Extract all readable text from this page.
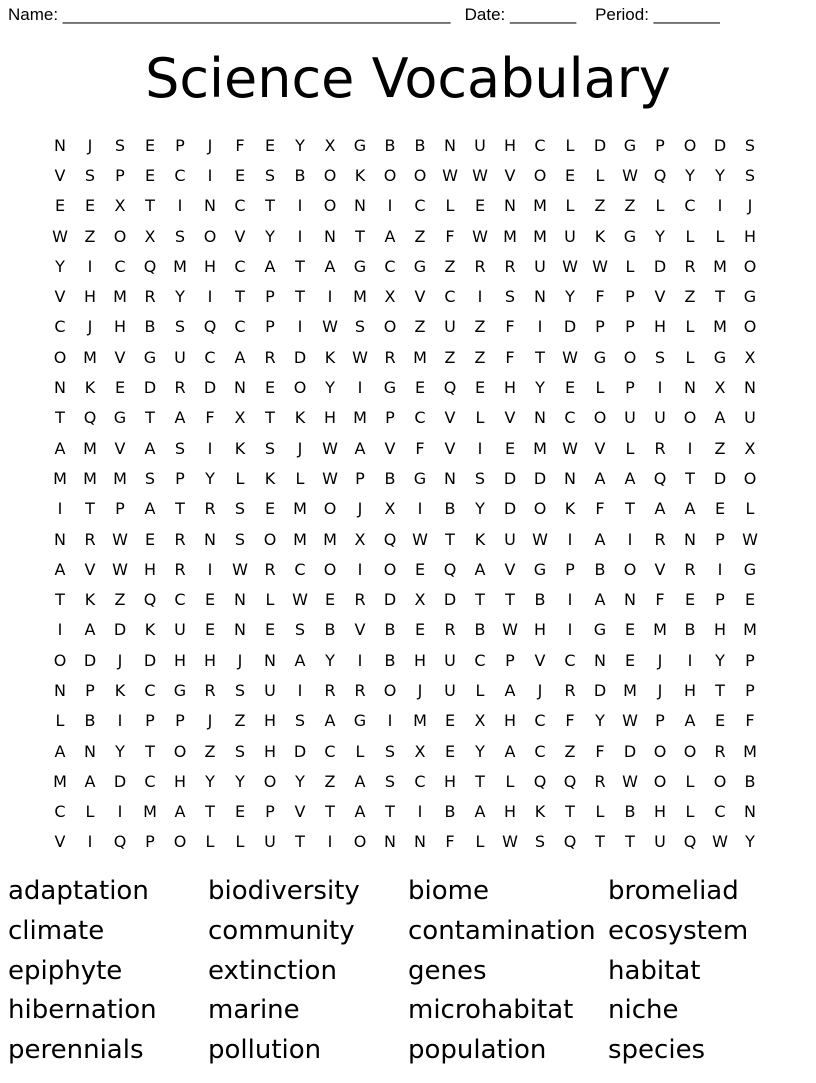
Name: _________________________________________ Date: _______ Period: _______
Science Vocabulary
N	J	S	E	P	J	F	E	Y	X	G	B	B	N	U	H	C	L	D	G	P	O	D	S
V	S	P	E	C	I	E	S	B	O	K	O	O W W	V	O	E	L	W Q	Y	Y	S
E	E	X	T	I	N	C	T	I	O	N	I	C	L	E	N	M	L	Z	Z	L	C	I	J
W	Z	O	X	S	O	V	Y	I	N	T	A	Z	F	W M	M	U	K	G	Y	L	L	H
Y	I	C	Q	M	H	C	A	T	A	G	C	G	Z	R	R	U	W W	L	D	R	M	O
V	H	M	R	Y	I	T	P	T	I	M	X	V	C	I	S	N	Y	F	P	V	Z	T	G
C	J	H	B	S	Q	C	P	I	W	S	O	Z	U	Z	F	I	D	P	P	H	L	M	O
O	M	V	G	U	C	A	R	D	K	W	R	M	Z	Z	F	T	W G	O	S	L	G	X
N	K	E	D	R	D	N	E	O	Y	I	G	E	Q	E	H	Y	E	L	P	I	N	X	N
T	Q	G	T	A	F	X	T	K	H	M	P	C	V	L	V	N	C	O	U	U	O	A	U
A	M	V	A	S	I	K	S	J	W	A	V	F	V	I	E	M W	V	L	R	I	Z	X
M	M	M	S	P	Y	L	K	L	W	P	B	G	N	S	D	D	N	A	A	Q	T	D	O
I	T	P	A	T	R	S	E	M	O	J	X	I	B	Y	D	O	K	F	T	A	A	E	L
N	R	W	E	R	N	S	O	M	M	X	Q W	T	K	U	W	I	A	I	R	N	P	W
A	V	W	H	R	I	W	R	C	O	I	O	E	Q	A	V	G	P	B	O	V	R	I	G
T	K	Z	Q	C	E	N	L	W	E	R	D	X	D	T	T	B	I	A	N	F	E	P	E
I	A	D	K	U	E	N	E	S	B	V	B	E	R	B	W	H	I	G	E	M	B	H	M
O	D	J	D	H	H	J	N	A	Y	I	B	H	U	C	P	V	C	N	E	J	I	Y	P
N	P	K	C	G	R	S	U	I	R	R	O	J	U	L	A	J	R	D	M	J	H	T	P
L	B	I	P	P	J	Z	H	S	A	G	I	M	E	X	H	C	F	Y	W	P	A	E	F
A	N	Y	T	O	Z	S	H	D	C	L	S	X	E	Y	A	C	Z	F	D	O	O	R	M
M	A	D	C	H	Y	Y	O	Y	Z	A	S	C	H	T	L	Q	Q	R	W O	L	O	B
C	L	I	M	A	T	E	P	V	T	A	T	I	B	A	H	K	T	L	B	H	L	C	N
V	I	Q	P	O	L	L	U	T	I	O	N	N	F	L	W	S	Q	T	T	U	Q W	Y
adaptation	biodiversity	biome	bromeliad
climate	community	contamination ecosystem
epiphyte	extinction	genes	habitat
hibernation	marine	microhabitat	niche
perennials	pollution	population	species
